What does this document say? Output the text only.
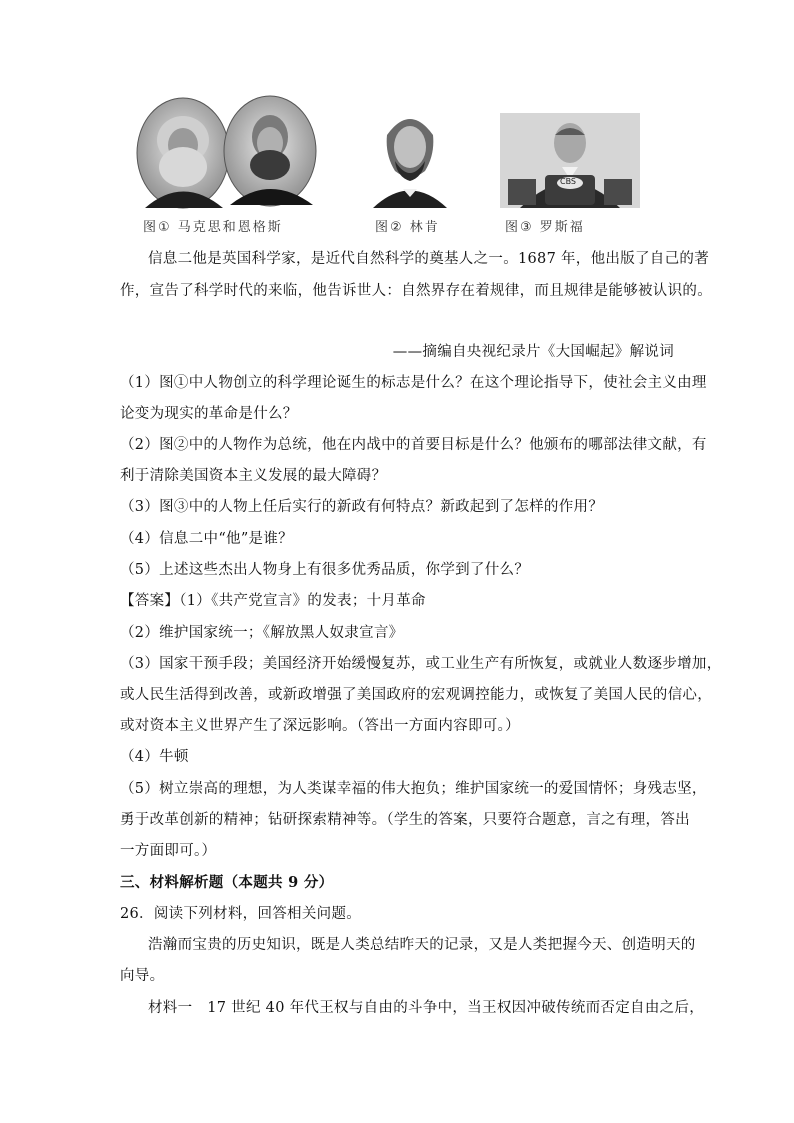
图① 马克思和恩格斯	图② 林肯
CBS
图③ 罗斯福
信息二他是英国科学家，是近代自然科学的奠基人之一。1687 年，他出版了自己的著
作，宣告了科学时代的来临，他告诉世人：自然界存在着规律，而且规律是能够被认识的。
——摘编自央视纪录片《大国崛起》解说词
（1）图①中人物创立的科学理论诞生的标志是什么？在这个理论指导下，使社会主义由理
论变为现实的革命是什么？
（2）图②中的人物作为总统，他在内战中的首要目标是什么？他颁布的哪部法律文献，有
利于清除美国资本主义发展的最大障碍？
（3）图③中的人物上任后实行的新政有何特点？新政起到了怎样的作用？
（4）信息二中“他”是谁？
（5）上述这些杰出人物身上有很多优秀品质，你学到了什么？
【答案】（1）《共产党宣言》的发表；十月革命
（2）维护国家统一；《解放黑人奴隶宣言》
（3）国家干预手段；美国经济开始缓慢复苏，或工业生产有所恢复，或就业人数逐步增加，
或人民生活得到改善，或新政增强了美国政府的宏观调控能力，或恢复了美国人民的信心，
或对资本主义世界产生了深远影响。（答出一方面内容即可。）
（4）牛顿
（5）树立崇高的理想，为人类谋幸福的伟大抱负；维护国家统一的爱国情怀；身残志坚，
勇于改革创新的精神；钻研探索精神等。（学生的答案，只要符合题意，言之有理，答出
一方面即可。）
三、材料解析题（本题共 9 分）
26．阅读下列材料，回答相关问题。
浩瀚而宝贵的历史知识，既是人类总结昨天的记录，又是人类把握今天、创造明天的
向导。
材料一　17 世纪 40 年代王权与自由的斗争中，当王权因冲破传统而否定自由之后，
